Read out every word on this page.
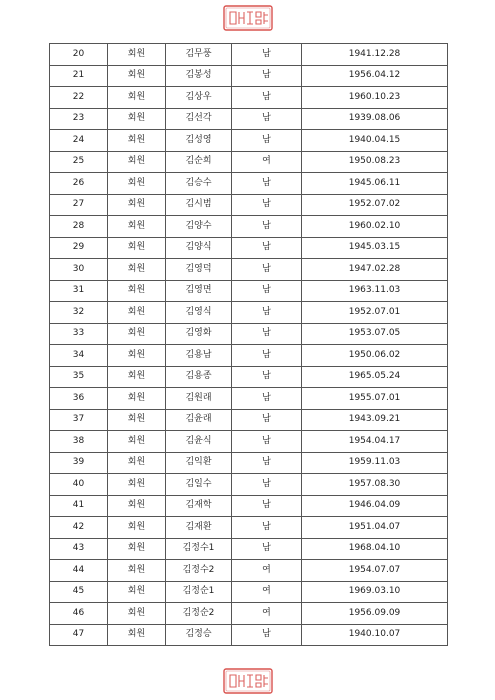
20	회원	김무풍	남	1941.12.28
21	회원	김봉성	남	1956.04.12
22	회원	김상우	남	1960.10.23
23	회원	김선각	남	1939.08.06
24	회원	김성영	남	1940.04.15
25	회원	김순희	여	1950.08.23
26	회원	김승수	남	1945.06.11
27	회원	김시범	남	1952.07.02
28	회원	김양수	남	1960.02.10
29	회원	김양식	남	1945.03.15
30	회원	김영덕	남	1947.02.28
31	회원	김영면	남	1963.11.03
32	회원	김영식	남	1952.07.01
33	회원	김영화	남	1953.07.05
34	회원	김용남	남	1950.06.02
35	회원	김용종	남	1965.05.24
36	회원	김원래	남	1955.07.01
37	회원	김윤래	남	1943.09.21
38	회원	김윤식	남	1954.04.17
39	회원	김익환	남	1959.11.03
40	회원	김일수	남	1957.08.30
41	회원	김재학	남	1946.04.09
42	회원	김재환	남	1951.04.07
43	회원	김정수1	남	1968.04.10
44	회원	김정수2	여	1954.07.07
45	회원	김정순1	여	1969.03.10
46	회원	김정순2	여	1956.09.09
47	회원	김정승	남	1940.10.07
